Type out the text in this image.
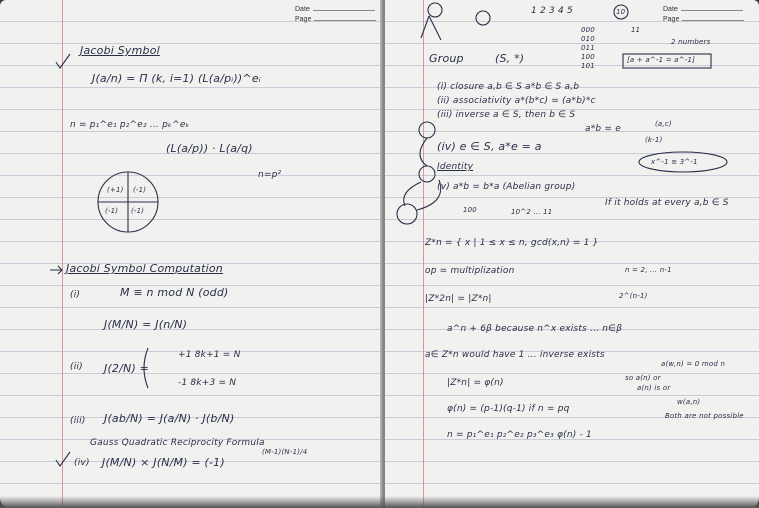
Date
Page
Jacobi Symbol
J(a/n) = Π (k, i=1) (L(a/pᵢ))^eᵢ
n = p₁^e₁ p₂^e₂ ... pₖ^eₖ
(L(a/p)) · L(a/q)
n=p²
(+1) (-1)
(-1) (-1)
Jacobi Symbol Computation
(i)	M ≡ n mod N (odd)
J(M/N) = J(n/N)
(ii) J(2/N) =
+1 8k+1 = N
-1 8k+3 = N
(iii) J(ab/N) = J(a/N) · J(b/N)
Gauss Quadratic Reciprocity Formula
(iv) J(M/N) × J(N/M) = (-1)
(M-1)(N-1)/4
Date
Page
1 2 3 4 5	10
000
010
011
100
101
11
2 numbers
[a + a^-1 = a^-1]
Group	(S, *)
(i) closure a,b ∈ S a*b ∈ S a,b
(ii) associativity a*(b*c) = (a*b)*c
(iii) inverse a ∈ S, then b ∈ S
a*b = e	(a,c)
(iv) e ∈ S, a*e = a	(k-1)
Identity	x^-1 ≡ 3^-1
(v) a*b = b*a (Abelian group)
If it holds at every a,b ∈ S
100	10^2 ... 11
Z*n = { x | 1 ≤ x ≤ n, gcd(x,n) = 1 }
op = multiplization	n = 2, ... n-1
|Z*2n| = |Z*n|	2^(n-1)
a^n + 6β because n^x exists ... n∈β
a∈ Z*n would have 1 ... inverse exists
a(w,n) = 0 mod n
|Z*n| = φ(n)	so a(n) or
a(n) is or
φ(n) = (p-1)(q-1) if n = pq
w(a,n)
Both are not possible
n = p₁^e₁ p₂^e₂ p₃^e₃ φ(n) - 1
